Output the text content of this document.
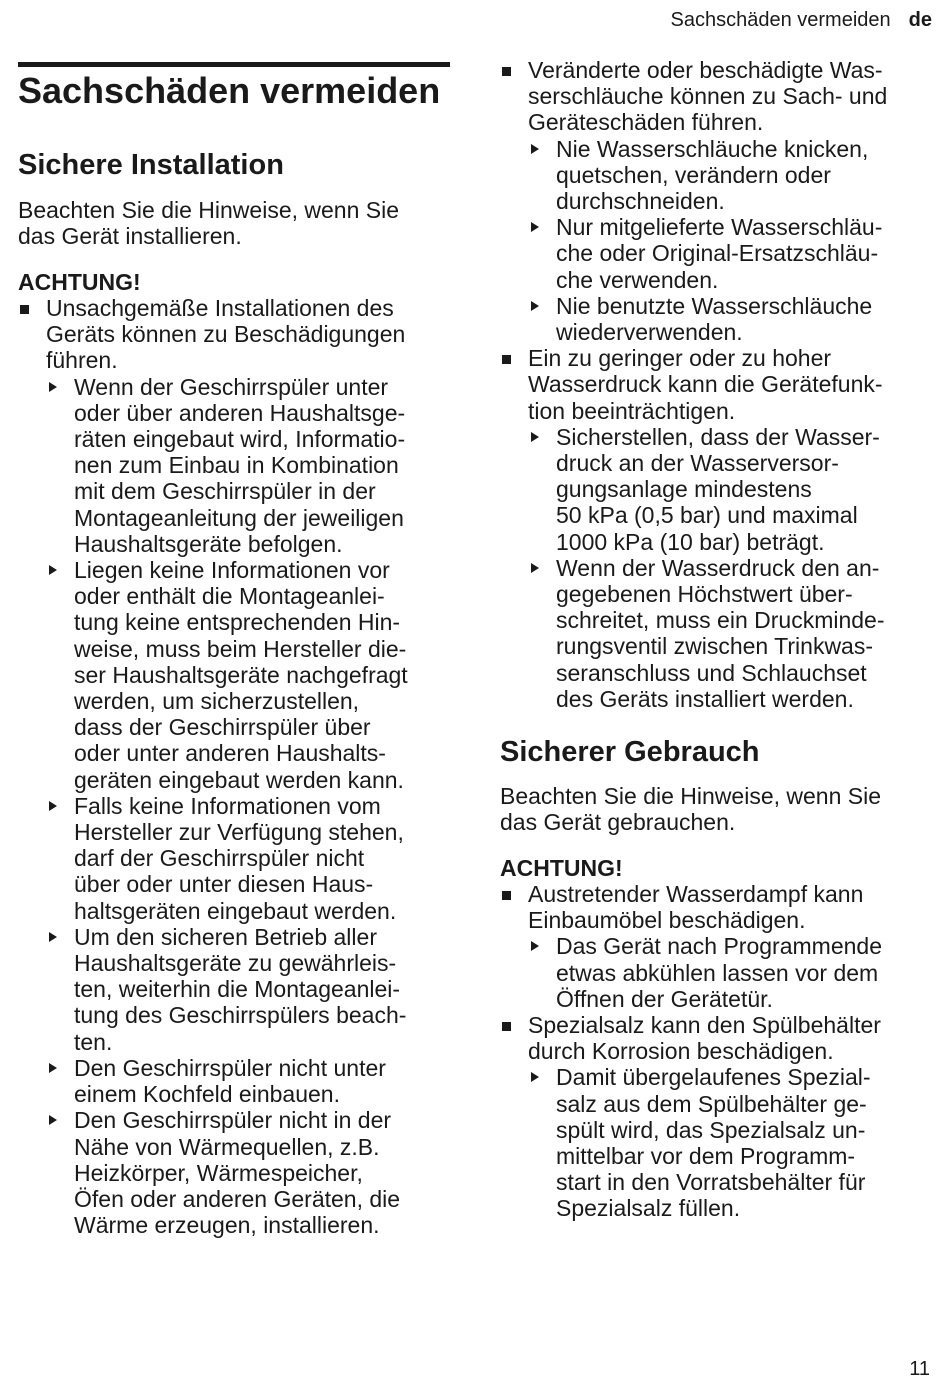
Sachschäden vermeiden de
Sachschäden vermeiden
Sichere Installation

Beachten Sie die Hinweise, wenn Sie

das Gerät installieren.

ACHTUNG!

Unsachgemäße Installationen des

Geräts können zu Beschädigungen

führen.

Wenn der Geschirrspüler unter

oder über anderen Haushaltsge-

räten eingebaut wird, Informatio-

nen zum Einbau in Kombination

mit dem Geschirrspüler in der

Montageanleitung der jeweiligen

Haushaltsgeräte befolgen.

Liegen keine Informationen vor

oder enthält die Montageanlei-

tung keine entsprechenden Hin-

weise, muss beim Hersteller die-

ser Haushaltsgeräte nachgefragt

werden, um sicherzustellen,

dass der Geschirrspüler über

oder unter anderen Haushalts-

geräten eingebaut werden kann.

Falls keine Informationen vom

Hersteller zur Verfügung stehen,

darf der Geschirrspüler nicht

über oder unter diesen Haus-

haltsgeräten eingebaut werden.

Um den sicheren Betrieb aller

Haushaltsgeräte zu gewährleis-

ten, weiterhin die Montageanlei-

tung des Geschirrspülers beach-

ten.

Den Geschirrspüler nicht unter

einem Kochfeld einbauen.

Den Geschirrspüler nicht in der

Nähe von Wärmequellen, z.B.

Heizkörper, Wärmespeicher,

Öfen oder anderen Geräten, die

Wärme erzeugen, installieren.

Veränderte oder beschädigte Was-

serschläuche können zu Sach- und

Geräteschäden führen.

Nie Wasserschläuche knicken,

quetschen, verändern oder

durchschneiden.

Nur mitgelieferte Wasserschläu-

che oder Original-Ersatzschläu-

che verwenden.

Nie benutzte Wasserschläuche

wiederverwenden.

Ein zu geringer oder zu hoher

Wasserdruck kann die Gerätefunk-

tion beeinträchtigen.

Sicherstellen, dass der Wasser-

druck an der Wasserversor-

gungsanlage mindestens

50 kPa (0,5 bar) und maximal

1000 kPa (10 bar) beträgt.

Wenn der Wasserdruck den an-

gegebenen Höchstwert über-

schreitet, muss ein Druckminde-

rungsventil zwischen Trinkwas-

seranschluss und Schlauchset

des Geräts installiert werden.

Sicherer Gebrauch

Beachten Sie die Hinweise, wenn Sie

das Gerät gebrauchen.

ACHTUNG!

Austretender Wasserdampf kann

Einbaumöbel beschädigen.

Das Gerät nach Programmende

etwas abkühlen lassen vor dem

Öffnen der Gerätetür.

Spezialsalz kann den Spülbehälter

durch Korrosion beschädigen.

Damit übergelaufenes Spezial-

salz aus dem Spülbehälter ge-

spült wird, das Spezialsalz un-

mittelbar vor dem Programm-

start in den Vorratsbehälter für

Spezialsalz füllen.

11
